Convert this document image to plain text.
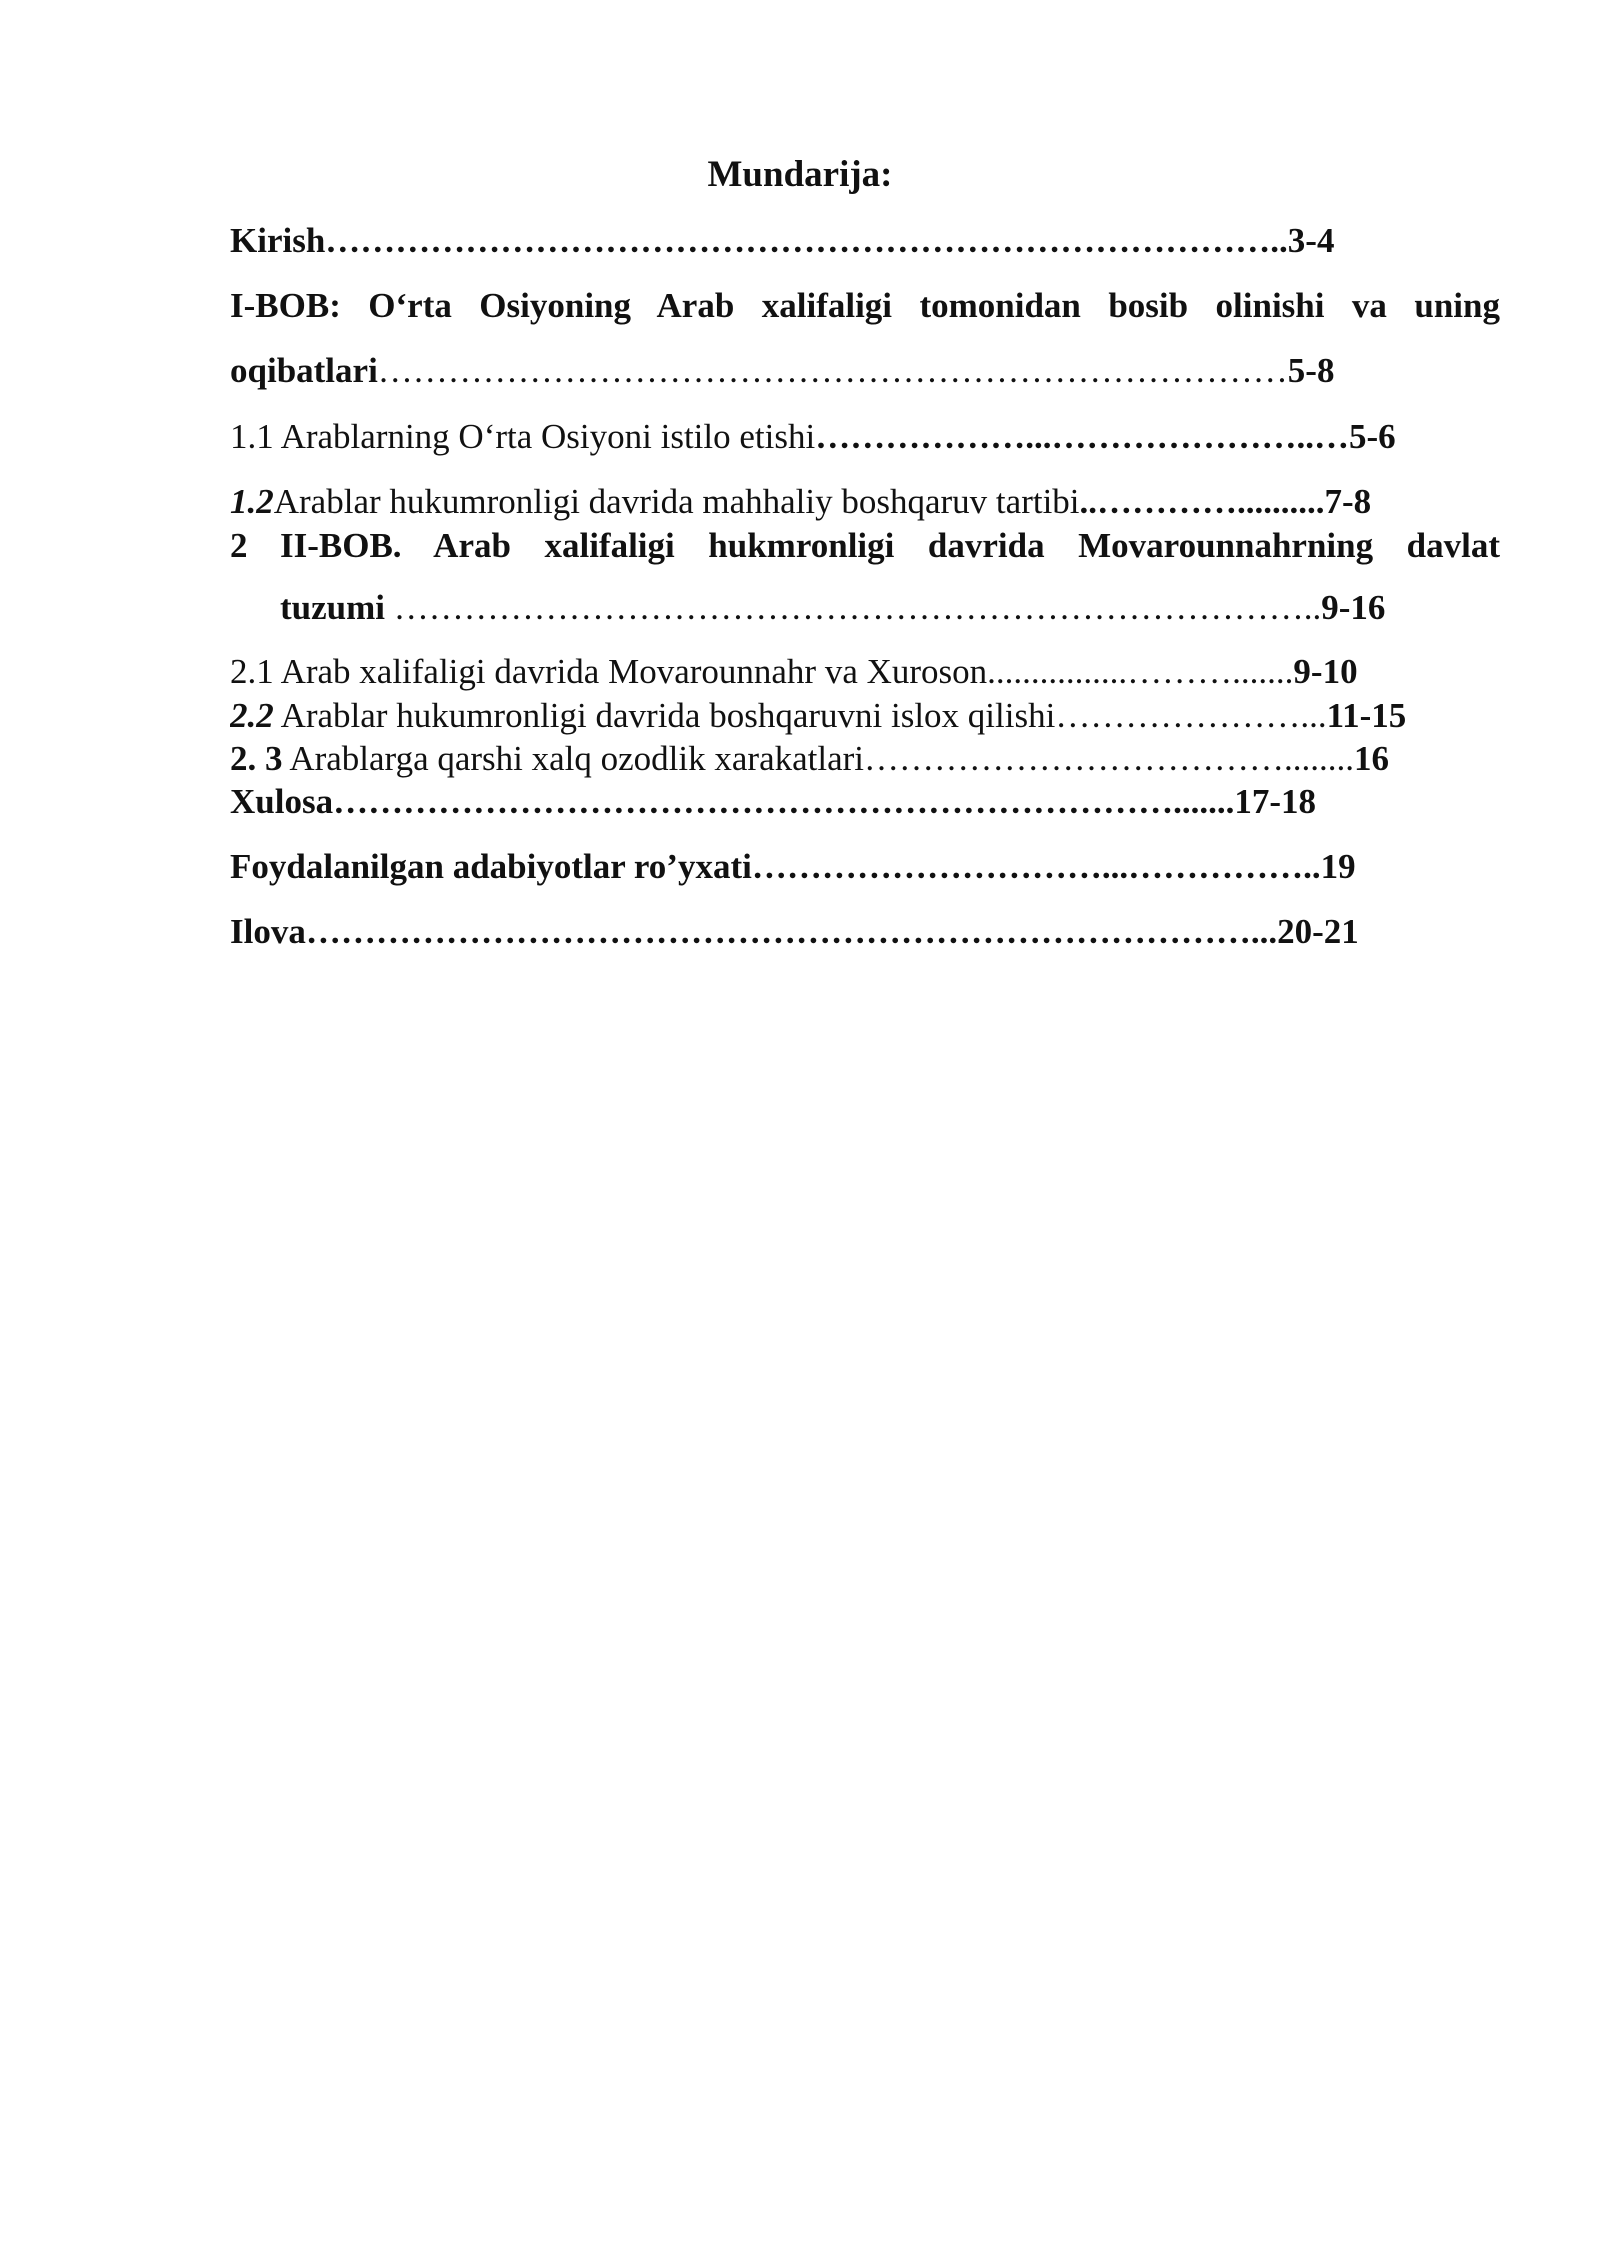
Mundarija:
Kirish………………………………………………………………………..3-4
I-BOB: O‘rta Osiyoning Arab xalifaligi tomonidan bosib olinishi va uning
oqibatlari……………………………………………………………………5-8
1.1 Arablarning O‘rta Osiyoni istilo etishi………………...…………………..…5-6
1.2Arablar hukumronligi davrida mahhaliy boshqaruv tartibi..…………..........7-8
2 II-BOB. Arab xalifaligi hukmronligi davrida Movarounnahrning davlat
tuzumi ……………………………………………………………………..9-16
2.1 Arab xalifaligi davrida Movarounnahr va Xuroson................……….......9-10
2.2 Arablar hukumronligi davrida boshqaruvni islox qilishi…………………...11-15
2. 3 Arablarga qarshi xalq ozodlik xarakatlari………………………………........16
Xulosa……………………………………………………………….......17-18
Foydalanilgan adabiyotlar ro’yxati…………………………...……………..19
Ilova………………………………………………………………………...20-21
